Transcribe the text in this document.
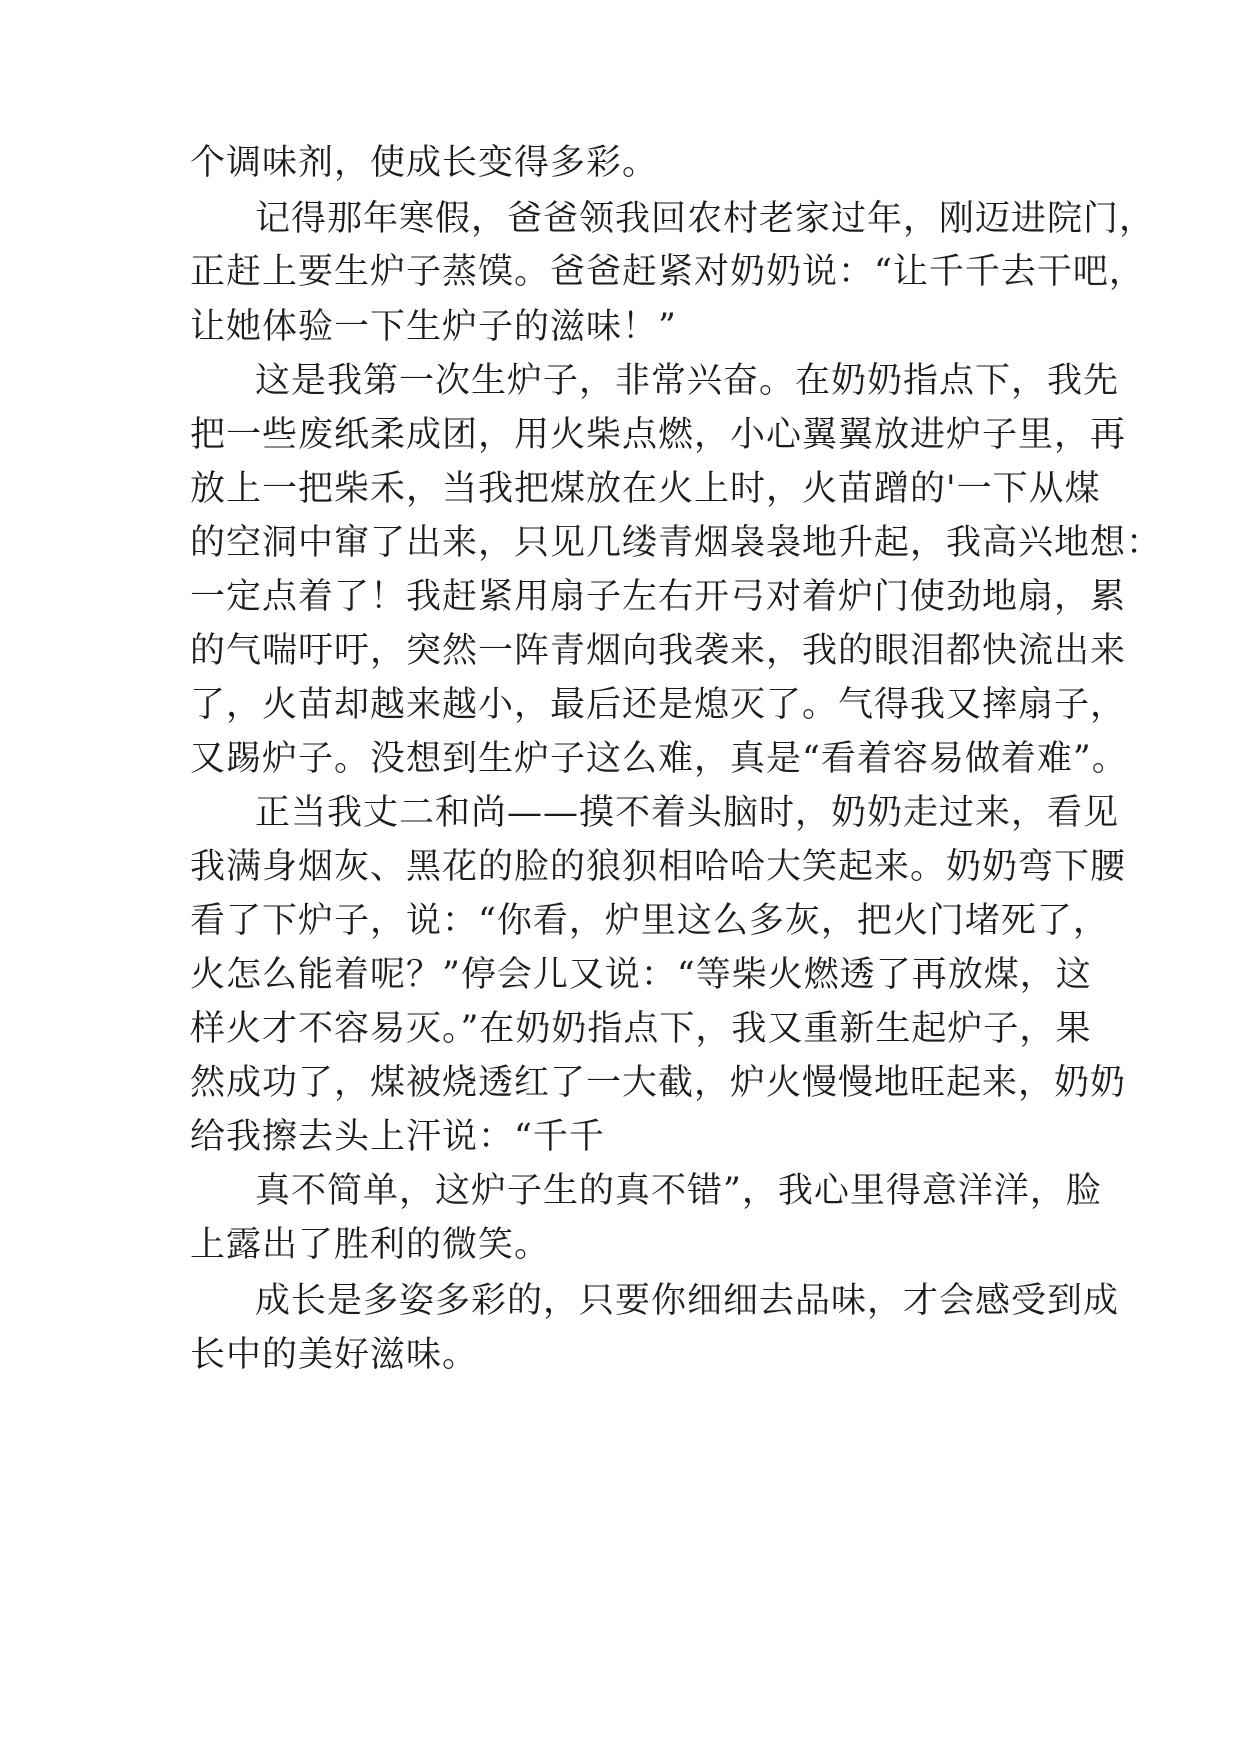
个调味剂，使成长变得多彩。
记得那年寒假，爸爸领我回农村老家过年，刚迈进院门，
正赶上要生炉子蒸馍。爸爸赶紧对奶奶说：“让千千去干吧，
让她体验一下生炉子的滋味！”
这是我第一次生炉子，非常兴奋。在奶奶指点下，我先
把一些废纸柔成团，用火柴点燃，小心翼翼放进炉子里，再
放上一把柴禾，当我把煤放在火上时，火苗蹭的'一下从煤
的空洞中窜了出来，只见几缕青烟袅袅地升起，我高兴地想：
一定点着了！我赶紧用扇子左右开弓对着炉门使劲地扇，累
的气喘吁吁，突然一阵青烟向我袭来，我的眼泪都快流出来
了，火苗却越来越小，最后还是熄灭了。气得我又摔扇子，
又踢炉子。没想到生炉子这么难，真是“看着容易做着难”。
正当我丈二和尚——摸不着头脑时，奶奶走过来，看见
我满身烟灰、黑花的脸的狼狈相哈哈大笑起来。奶奶弯下腰
看了下炉子，说：“你看，炉里这么多灰，把火门堵死了，
火怎么能着呢？”停会儿又说：“等柴火燃透了再放煤，这
样火才不容易灭。”在奶奶指点下，我又重新生起炉子，果
然成功了，煤被烧透红了一大截，炉火慢慢地旺起来，奶奶
给我擦去头上汗说：“千千
真不简单，这炉子生的真不错”，我心里得意洋洋，脸
上露出了胜利的微笑。
成长是多姿多彩的，只要你细细去品味，才会感受到成
长中的美好滋味。
